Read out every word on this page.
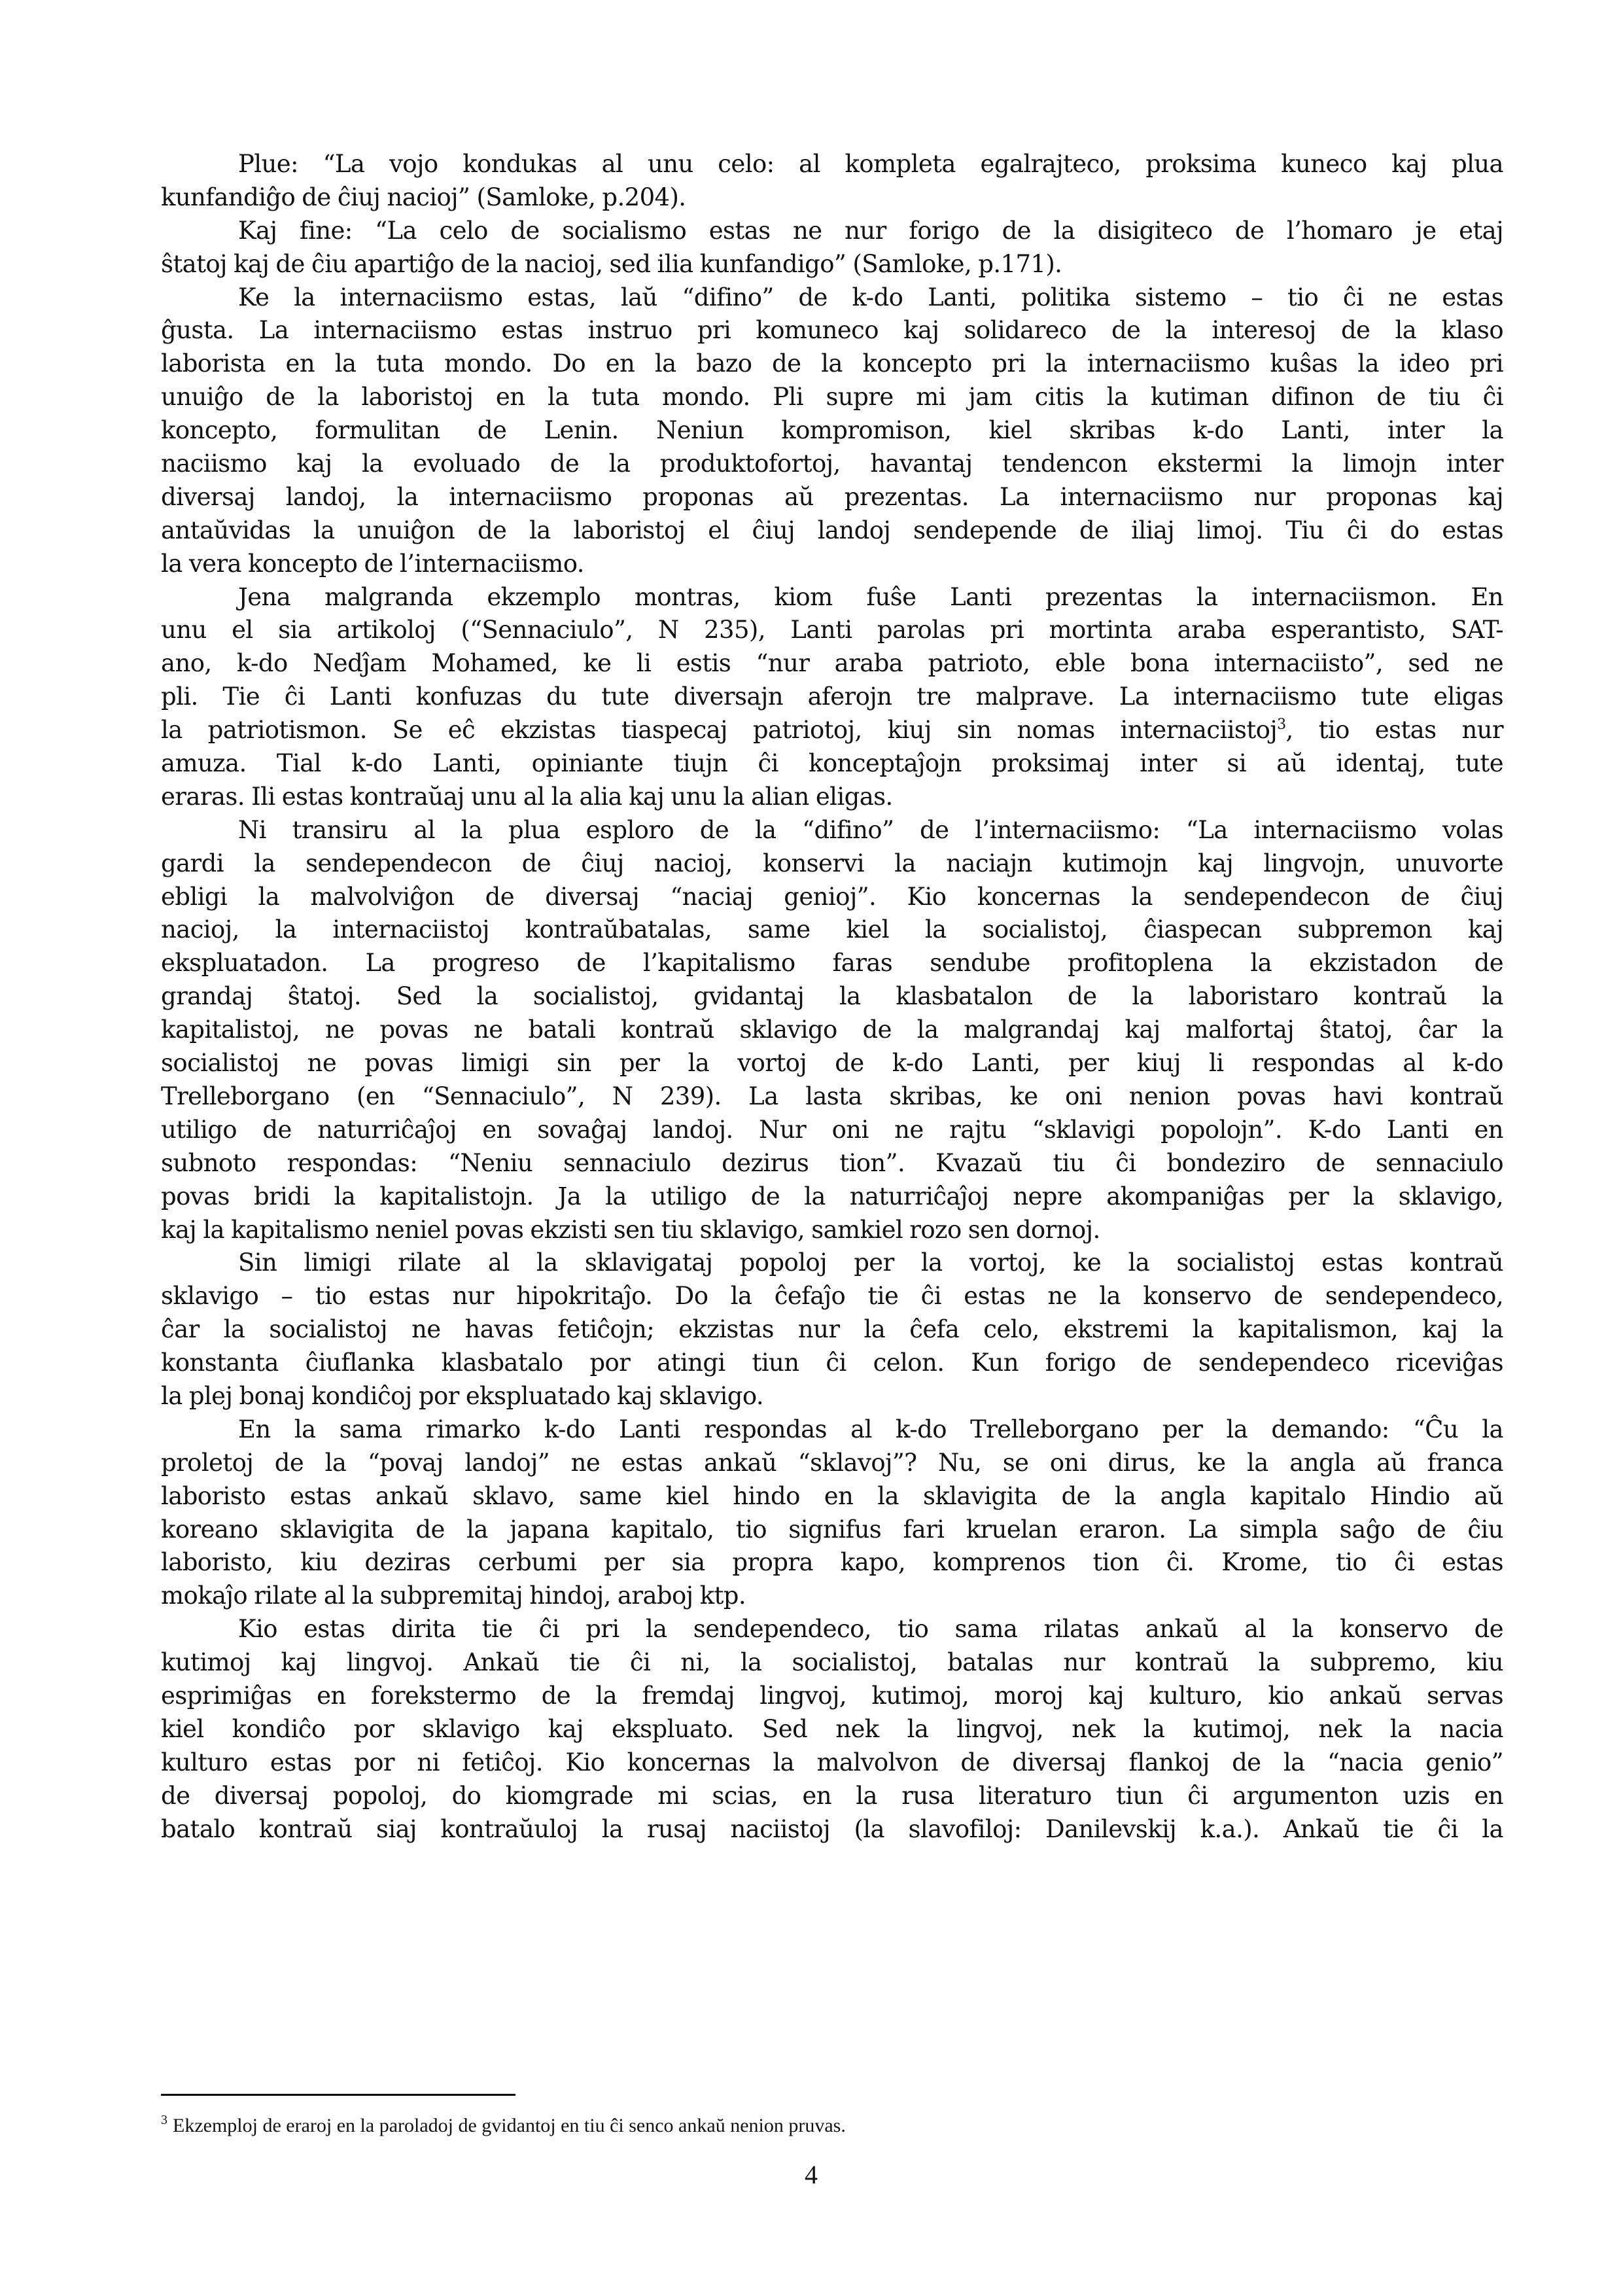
Plue: “La vojo kondukas al unu celo: al kompleta egalrajteco, proksima kuneco kaj plua
kunfandiĝo de ĉiuj nacioj” (Samloke, p.204).
Kaj fine: “La celo de socialismo estas ne nur forigo de la disigiteco de l’homaro je etaj
ŝtatoj kaj de ĉiu apartiĝo de la nacioj, sed ilia kunfandigo” (Samloke, p.171).
Ke la internaciismo estas, laŭ “difino” de k-do Lanti, politika sistemo – tio ĉi ne estas
ĝusta. La internaciismo estas instruo pri komuneco kaj solidareco de la interesoj de la klaso
laborista en la tuta mondo. Do en la bazo de la koncepto pri la internaciismo kuŝas la ideo pri
unuiĝo de la laboristoj en la tuta mondo. Pli supre mi jam citis la kutiman difinon de tiu ĉi
koncepto, formulitan de Lenin. Neniun kompromison, kiel skribas k-do Lanti, inter la
naciismo kaj la evoluado de la produktofortoj, havantaj tendencon ekstermi la limojn inter
diversaj landoj, la internaciismo proponas aŭ prezentas. La internaciismo nur proponas kaj
antaŭvidas la unuiĝon de la laboristoj el ĉiuj landoj sendepende de iliaj limoj. Tiu ĉi do estas
la vera koncepto de l’internaciismo.
Jena malgranda ekzemplo montras, kiom fuŝe Lanti prezentas la internaciismon. En
unu el sia artikoloj (“Sennaciulo”, N 235), Lanti parolas pri mortinta araba esperantisto, SAT-
ano, k-do Nedĵam Mohamed, ke li estis “nur araba patrioto, eble bona internaciisto”, sed ne
pli. Tie ĉi Lanti konfuzas du tute diversajn aferojn tre malprave. La internaciismo tute eligas
la patriotismon. Se eĉ ekzistas tiaspecaj patriotoj, kiuj sin nomas internaciistoj$^3$, tio estas nur
amuza. Tial k-do Lanti, opiniante tiujn ĉi konceptaĵojn proksimaj inter si aŭ identaj, tute
eraras. Ili estas kontraŭaj unu al la alia kaj unu la alian eligas.
Ni transiru al la plua esploro de la “difino” de l’internaciismo: “La internaciismo volas
gardi la sendependecon de ĉiuj nacioj, konservi la naciajn kutimojn kaj lingvojn, unuvorte
ebligi la malvolviĝon de diversaj “naciaj genioj”. Kio koncernas la sendependecon de ĉiuj
nacioj, la internaciistoj kontraŭbatalas, same kiel la socialistoj, ĉiaspecan subpremon kaj
ekspluatadon. La progreso de l’kapitalismo faras sendube profitoplena la ekzistadon de
grandaj ŝtatoj. Sed la socialistoj, gvidantaj la klasbatalon de la laboristaro kontraŭ la
kapitalistoj, ne povas ne batali kontraŭ sklavigo de la malgrandaj kaj malfortaj ŝtatoj, ĉar la
socialistoj ne povas limigi sin per la vortoj de k-do Lanti, per kiuj li respondas al k-do
Trelleborgano (en “Sennaciulo”, N 239). La lasta skribas, ke oni nenion povas havi kontraŭ
utiligo de naturriĉaĵoj en sovaĝaj landoj. Nur oni ne rajtu “sklavigi popolojn”. K-do Lanti en
subnoto respondas: “Neniu sennaciulo dezirus tion”. Kvazaŭ tiu ĉi bondeziro de sennaciulo
povas bridi la kapitalistojn. Ja la utiligo de la naturriĉaĵoj nepre akompaniĝas per la sklavigo,
kaj la kapitalismo neniel povas ekzisti sen tiu sklavigo, samkiel rozo sen dornoj.
Sin limigi rilate al la sklavigataj popoloj per la vortoj, ke la socialistoj estas kontraŭ
sklavigo – tio estas nur hipokritaĵo. Do la ĉefaĵo tie ĉi estas ne la konservo de sendependeco,
ĉar la socialistoj ne havas fetiĉojn; ekzistas nur la ĉefa celo, ekstremi la kapitalismon, kaj la
konstanta ĉiuflanka klasbatalo por atingi tiun ĉi celon. Kun forigo de sendependeco riceviĝas
la plej bonaj kondiĉoj por ekspluatado kaj sklavigo.
En la sama rimarko k-do Lanti respondas al k-do Trelleborgano per la demando: “Ĉu la
proletoj de la “povaj landoj” ne estas ankaŭ “sklavoj”? Nu, se oni dirus, ke la angla aŭ franca
laboristo estas ankaŭ sklavo, same kiel hindo en la sklavigita de la angla kapitalo Hindio aŭ
koreano sklavigita de la japana kapitalo, tio signifus fari kruelan eraron. La simpla saĝo de ĉiu
laboristo, kiu deziras cerbumi per sia propra kapo, komprenos tion ĉi. Krome, tio ĉi estas
mokaĵo rilate al la subpremitaj hindoj, araboj ktp.
Kio estas dirita tie ĉi pri la sendependeco, tio sama rilatas ankaŭ al la konservo de
kutimoj kaj lingvoj. Ankaŭ tie ĉi ni, la socialistoj, batalas nur kontraŭ la subpremo, kiu
esprimiĝas en forekstermo de la fremdaj lingvoj, kutimoj, moroj kaj kulturo, kio ankaŭ servas
kiel kondiĉo por sklavigo kaj ekspluato. Sed nek la lingvoj, nek la kutimoj, nek la nacia
kulturo estas por ni fetiĉoj. Kio koncernas la malvolvon de diversaj flankoj de la “nacia genio”
de diversaj popoloj, do kiomgrade mi scias, en la rusa literaturo tiun ĉi argumenton uzis en
batalo kontraŭ siaj kontraŭuloj la rusaj naciistoj (la slavofiloj: Danilevskij k.a.). Ankaŭ tie ĉi la
$^3$ Ekzemploj de eraroj en la paroladoj de gvidantoj en tiu ĉi senco ankaŭ nenion pruvas.
4
